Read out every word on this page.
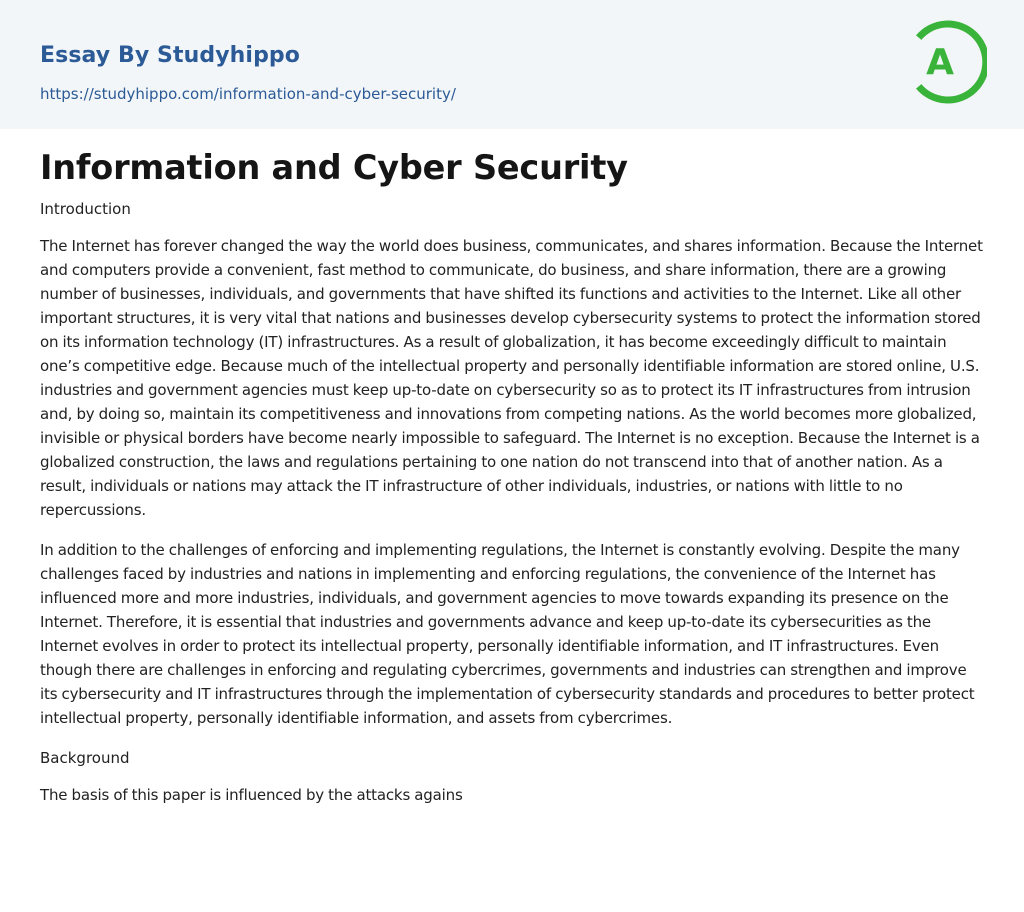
Essay By Studyhippo
https://studyhippo.com/information-and-cyber-security/
A
Information and Cyber Security

Introduction

The Internet has forever changed the way the world does business, communicates, and shares information. Because the Internet and computers provide a convenient, fast method to communicate, do business, and share information, there are a growing number of businesses, individuals, and governments that have shifted its functions and activities to the Internet. Like all other important structures, it is very vital that nations and businesses develop cybersecurity systems to protect the information stored on its information technology (IT) infrastructures. As a result of globalization, it has become exceedingly difficult to maintain one’s competitive edge. Because much of the intellectual property and personally identifiable information are stored online, U.S. industries and government agencies must keep up-to-date on cybersecurity so as to protect its IT infrastructures from intrusion and, by doing so, maintain its competitiveness and innovations from competing nations. As the world becomes more globalized, invisible or physical borders have become nearly impossible to safeguard. The Internet is no exception. Because the Internet is a globalized construction, the laws and regulations pertaining to one nation do not transcend into that of another nation. As a result, individuals or nations may attack the IT infrastructure of other individuals, industries, or nations with little to no repercussions.

In addition to the challenges of enforcing and implementing regulations, the Internet is constantly evolving. Despite the many challenges faced by industries and nations in implementing and enforcing regulations, the convenience of the Internet has influenced more and more industries, individuals, and government agencies to move towards expanding its presence on the Internet. Therefore, it is essential that industries and governments advance and keep up-to-date its cybersecurities as the Internet evolves in order to protect its intellectual property, personally identifiable information, and IT infrastructures. Even though there are challenges in enforcing and regulating cybercrimes, governments and industries can strengthen and improve its cybersecurity and IT infrastructures through the implementation of cybersecurity standards and procedures to better protect intellectual property, personally identifiable information, and assets from cybercrimes.

Background

The basis of this paper is influenced by the attacks agains
